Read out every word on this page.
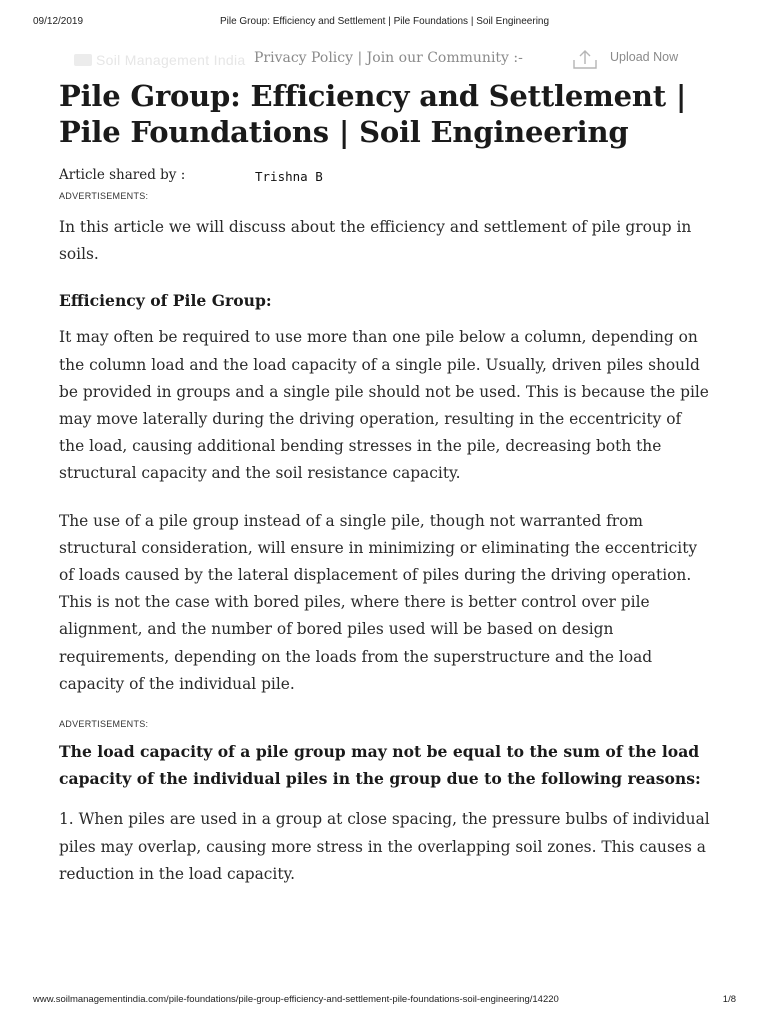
09/12/2019	Pile Group: Efficiency and Settlement | Pile Foundations | Soil Engineering
Soil Management India Privacy Policy | Join our Community :-	Upload Now
Pile Group: Efficiency and Settlement | Pile Foundations | Soil Engineering
Article shared by :	Trishna B
ADVERTISEMENTS:

In this article we will discuss about the efficiency and settlement of pile group in soils.

Efficiency of Pile Group:

It may often be required to use more than one pile below a column, depending on the column load and the load capacity of a single pile. Usually, driven piles should be provided in groups and a single pile should not be used. This is because the pile may move laterally during the driving operation, resulting in the eccentricity of the load, causing additional bending stresses in the pile, decreasing both the structural capacity and the soil resistance capacity.

The use of a pile group instead of a single pile, though not warranted from structural consideration, will ensure in minimizing or eliminating the eccentricity of loads caused by the lateral displacement of piles during the driving operation. This is not the case with bored piles, where there is better control over pile alignment, and the number of bored piles used will be based on design requirements, depending on the loads from the superstructure and the load capacity of the individual pile.

ADVERTISEMENTS:
The load capacity of a pile group may not be equal to the sum of the load capacity of the individual piles in the group due to the following reasons:

1. When piles are used in a group at close spacing, the pressure bulbs of individual piles may overlap, causing more stress in the overlapping soil zones. This causes a reduction in the load capacity.

www.soilmanagementindia.com/pile-foundations/pile-group-efficiency-and-settlement-pile-foundations-soil-engineering/14220	1/8
